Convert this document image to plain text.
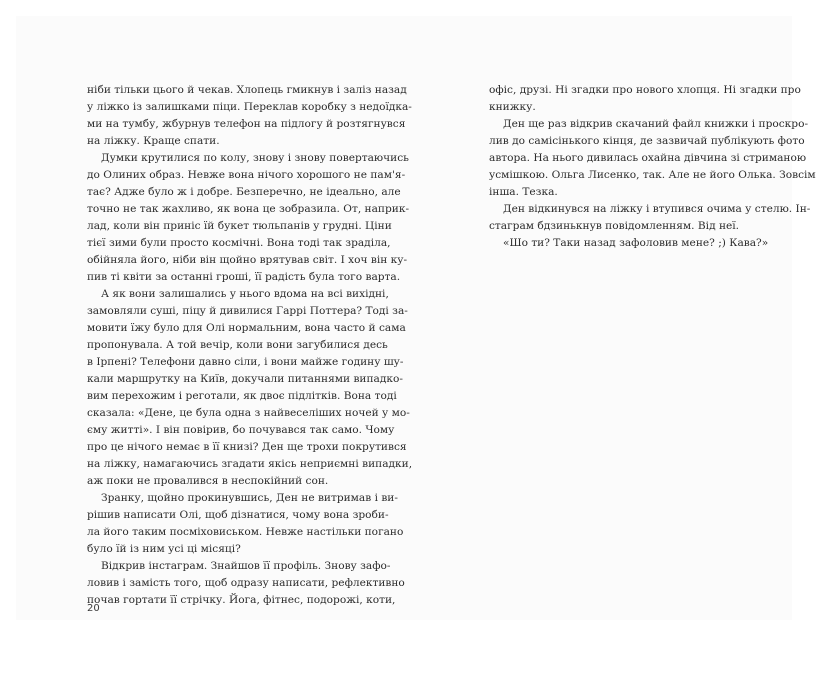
ніби тільки цього й чекав. Хлопець гмикнув і заліз назад

у ліжко із залишками піци. Переклав коробку з недоїдка-

ми на тумбу, жбурнув телефон на підлогу й розтягнувся

на ліжку. Краще спати.

Думки крутилися по колу, знову і знову повертаючись

до Олиних образ. Невже вона нічого хорошого не пам'я-

тає? Адже було ж і добре. Безперечно, не ідеально, але

точно не так жахливо, як вона це зобразила. От, наприк-

лад, коли він приніс їй букет тюльпанів у грудні. Ціни

тієї зими були просто космічні. Вона тоді так зраділа,

обійняла його, ніби він щойно врятував світ. І хоч він ку-

пив ті квіти за останні гроші, її радість була того варта.

А як вони залишались у нього вдома на всі вихідні,

замовляли суші, піцу й дивилися Гаррі Поттера? Тоді за-

мовити їжу було для Олі нормальним, вона часто й сама

пропонувала. А той вечір, коли вони загубилися десь

в Ірпені? Телефони давно сіли, і вони майже годину шу-

кали маршрутку на Київ, докучали питаннями випадко-

вим перехожим і реготали, як двоє підлітків. Вона тоді

сказала: «Дене, це була одна з найвеселіших ночей у мо-

єму житті». І він повірив, бо почувався так само. Чому

про це нічого немає в її книзі? Ден ще трохи покрутився

на ліжку, намагаючись згадати якісь неприємні випадки,

аж поки не провалився в неспокійний сон.

Зранку, щойно прокинувшись, Ден не витримав і ви-

рішив написати Олі, щоб дізнатися, чому вона зроби-

ла його таким посміховиськом. Невже настільки погано

було їй із ним усі ці місяці?

Відкрив інстаграм. Знайшов її профіль. Знову зафо-

ловив і замість того, щоб одразу написати, рефлективно

почав гортати її стрічку. Йога, фітнес, подорожі, коти,

офіс, друзі. Ні згадки про нового хлопця. Ні згадки про

книжку.

Ден ще раз відкрив скачаний файл книжки і проскро-

лив до самісінького кінця, де зазвичай публікують фото

автора. На нього дивилась охайна дівчина зі стриманою

усмішкою. Ольга Лисенко, так. Але не його Олька. Зовсім

інша. Тезка.

Ден відкинувся на ліжку і втупився очима у стелю. Ін-

стаграм бдзинькнув повідомленням. Від неї.

«Шо ти? Таки назад зафоловив мене? ;) Кава?»

20
